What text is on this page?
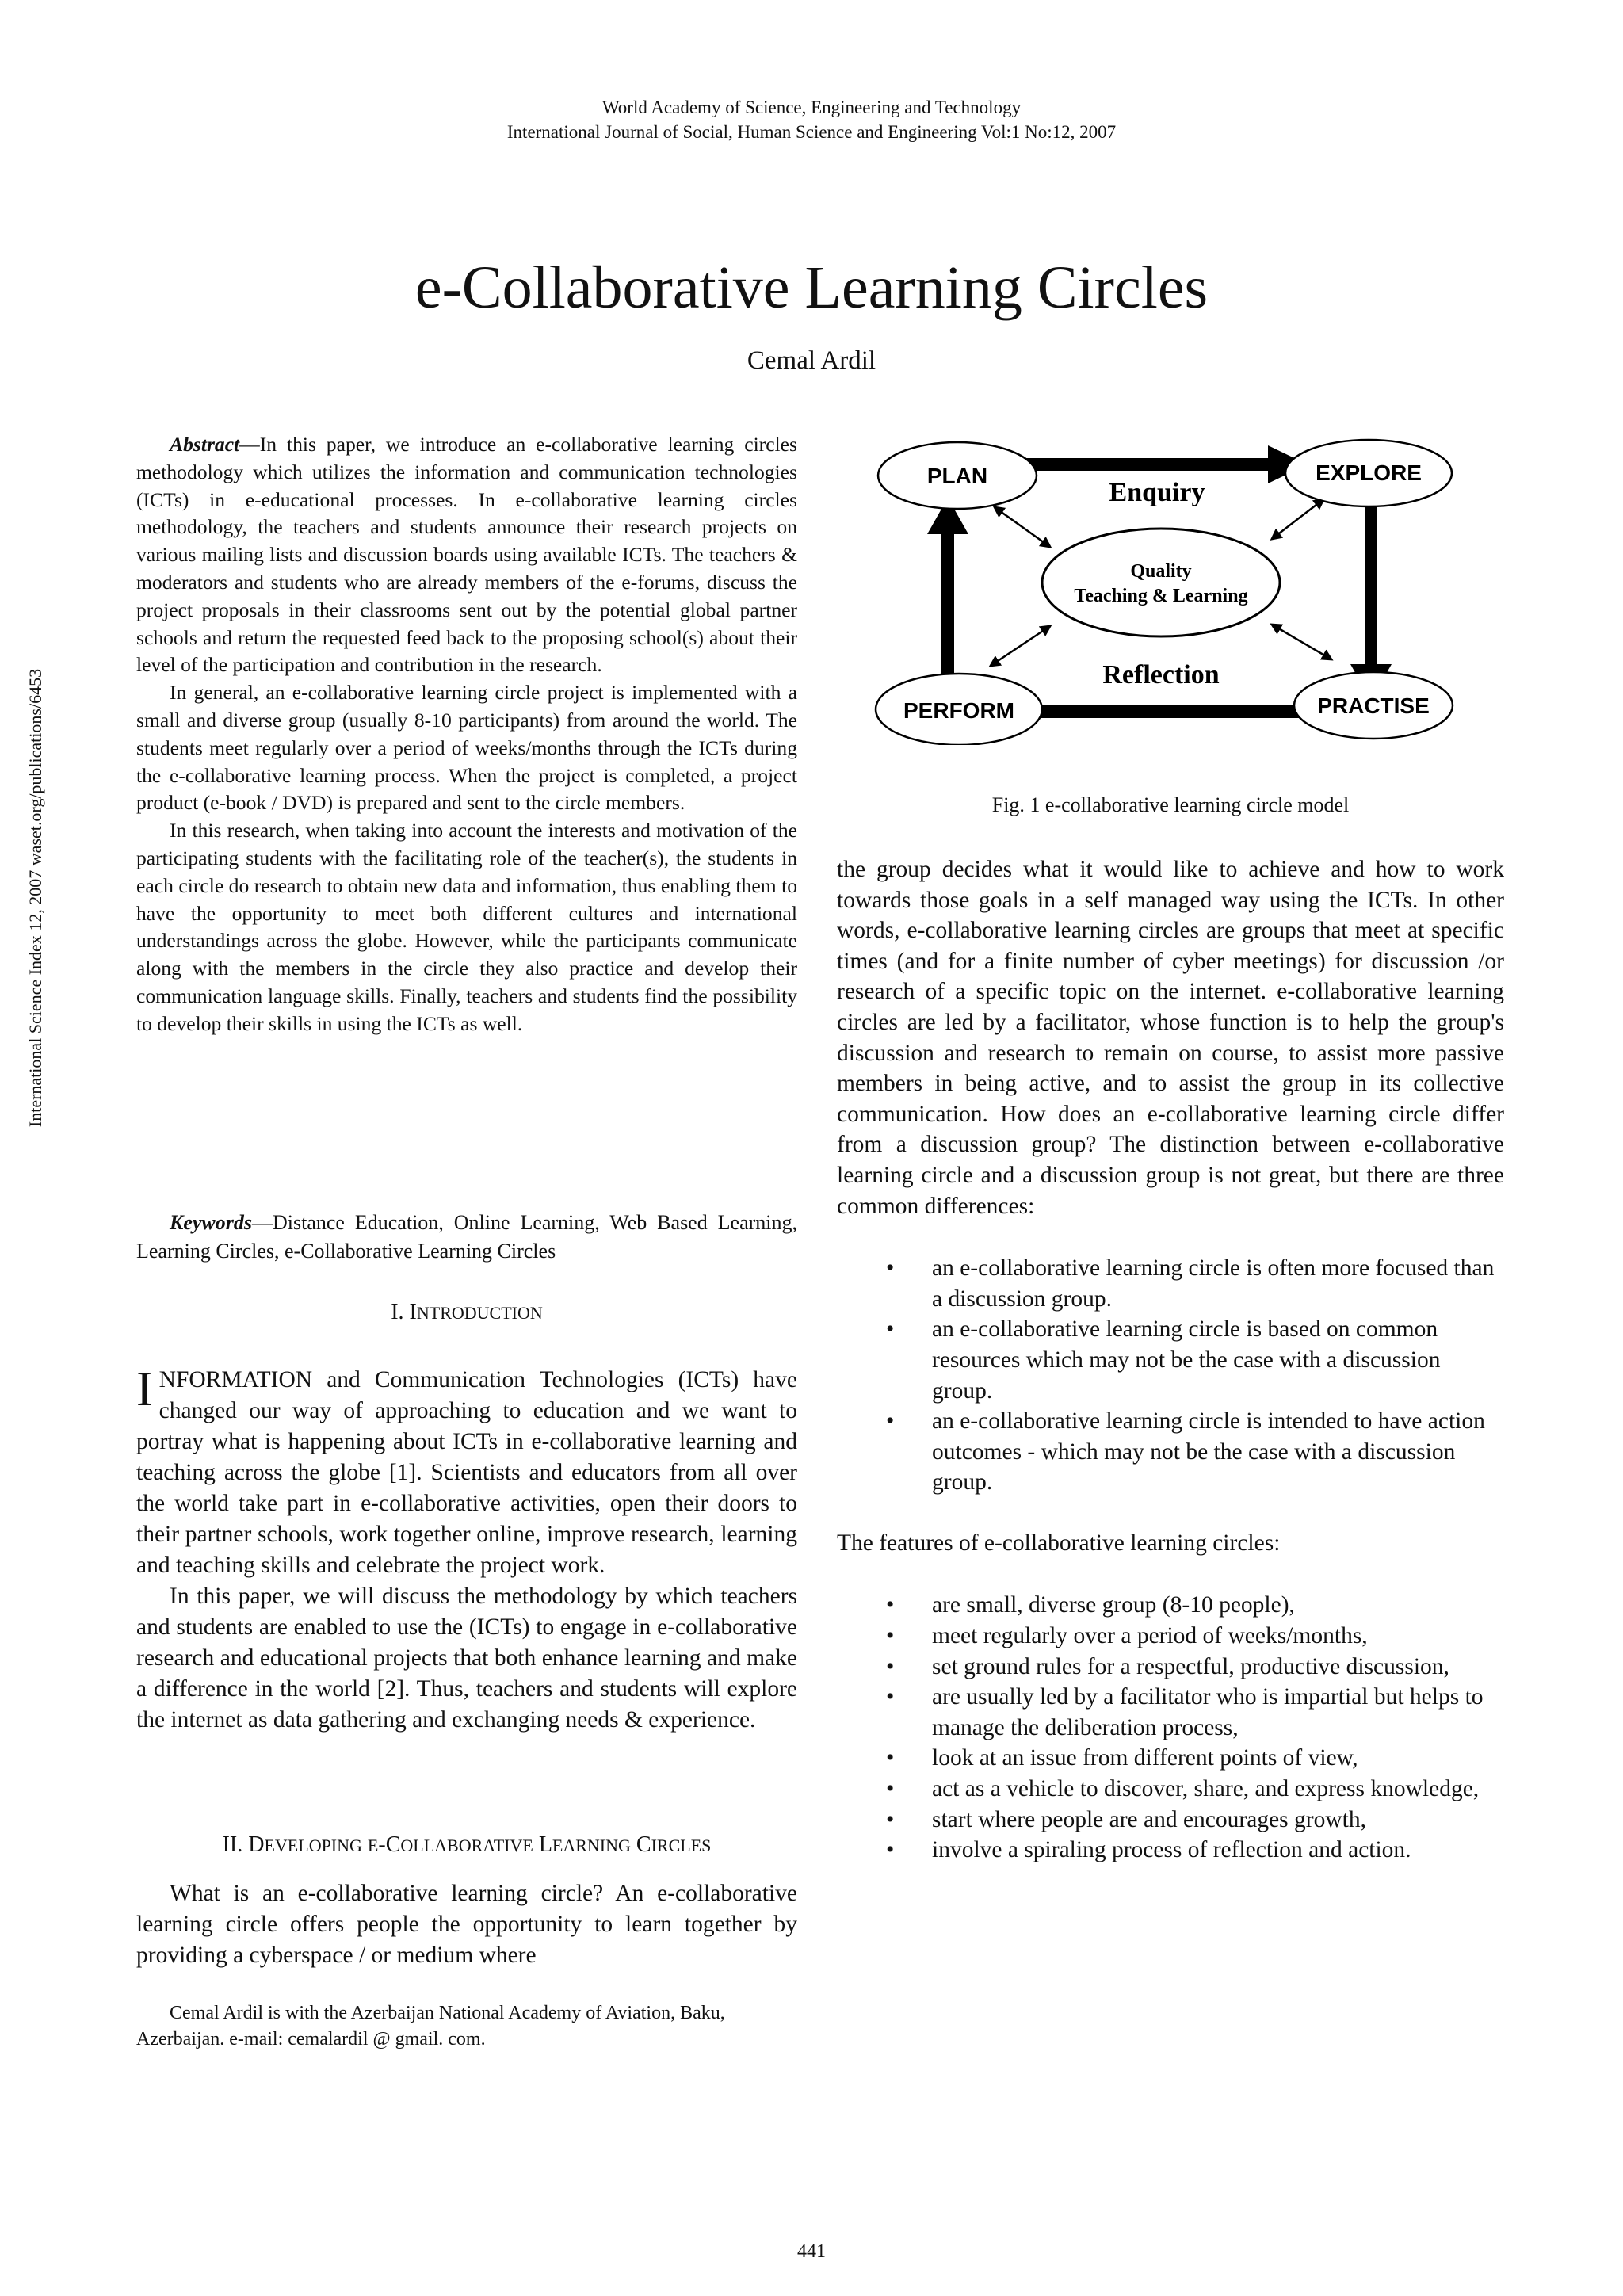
World Academy of Science, Engineering and Technology
International Journal of Social, Human Science and Engineering Vol:1 No:12, 2007
e-Collaborative Learning Circles
Cemal Ardil
International Science Index 12, 2007 waset.org/publications/6453

Abstract—In this paper, we introduce an e-collaborative learning circles methodology which utilizes the information and communication technologies (ICTs) in e-educational processes. In e-collaborative learning circles methodology, the teachers and students announce their research projects on various mailing lists and discussion boards using available ICTs. The teachers & moderators and students who are already members of the e-forums, discuss the project proposals in their classrooms sent out by the potential global partner schools and return the requested feed back to the proposing school(s) about their level of the participation and contribution in the research.

In general, an e-collaborative learning circle project is implemented with a small and diverse group (usually 8-10 participants) from around the world. The students meet regularly over a period of weeks/months through the ICTs during the e-collaborative learning process. When the project is completed, a project product (e-book / DVD) is prepared and sent to the circle members.

In this research, when taking into account the interests and motivation of the participating students with the facilitating role of the teacher(s), the students in each circle do research to obtain new data and information, thus enabling them to have the opportunity to meet both different cultures and international understandings across the globe. However, while the participants communicate along with the members in the circle they also practice and develop their communication language skills. Finally, teachers and students find the possibility to develop their skills in using the ICTs as well.

Keywords—Distance Education, Online Learning, Web Based Learning, Learning Circles, e-Collaborative Learning Circles
I. INTRODUCTION

INFORMATION and Communication Technologies (ICTs) have changed our way of approaching to education and we want to portray what is happening about ICTs in e-collaborative learning and teaching across the globe [1]. Scientists and educators from all over the world take part in e-collaborative activities, open their doors to their partner schools, work together online, improve research, learning and teaching skills and celebrate the project work.

In this paper, we will discuss the methodology by which teachers and students are enabled to use the (ICTs) to engage in e-collaborative research and educational projects that both enhance learning and make a difference in the world [2]. Thus, teachers and students will explore the internet as data gathering and exchanging needs & experience.

II. DEVELOPING E-COLLABORATIVE LEARNING CIRCLES
What is an e-collaborative learning circle? An e-collaborative learning circle offers people the opportunity to learn together by providing a cyberspace / or medium where
Cemal Ardil is with the Azerbaijan National Academy of Aviation, Baku, Azerbaijan. e-mail: cemalardil @ gmail. com.
PLAN	EXPLORE
PERFORM	PRACTISE
Enquiry
Reflection
Quality
Teaching & Learning
Fig. 1 e-collaborative learning circle model

the group decides what it would like to achieve and how to work towards those goals in a self managed way using the ICTs. In other words, e-collaborative learning circles are groups that meet at specific times (and for a finite number of cyber meetings) for discussion /or research of a specific topic on the internet. e-collaborative learning circles are led by a facilitator, whose function is to help the group's discussion and research to remain on course, to assist more passive members in being active, and to assist the group in its collective communication. How does an e-collaborative learning circle differ from a discussion group? The distinction between e-collaborative learning circle and a discussion group is not great, but there are three common differences:

• an e-collaborative learning circle is often more focused than a discussion group.
• an e-collaborative learning circle is based on common resources which may not be the case with a discussion group.
• an e-collaborative learning circle is intended to have action outcomes - which may not be the case with a discussion group.

The features of e-collaborative learning circles:

• are small, diverse group (8-10 people),
• meet regularly over a period of weeks/months,
• set ground rules for a respectful, productive discussion,
• are usually led by a facilitator who is impartial but helps to manage the deliberation process,
• look at an issue from different points of view,
• act as a vehicle to discover, share, and express knowledge,
• start where people are and encourages growth,
• involve a spiraling process of reflection and action.
441
